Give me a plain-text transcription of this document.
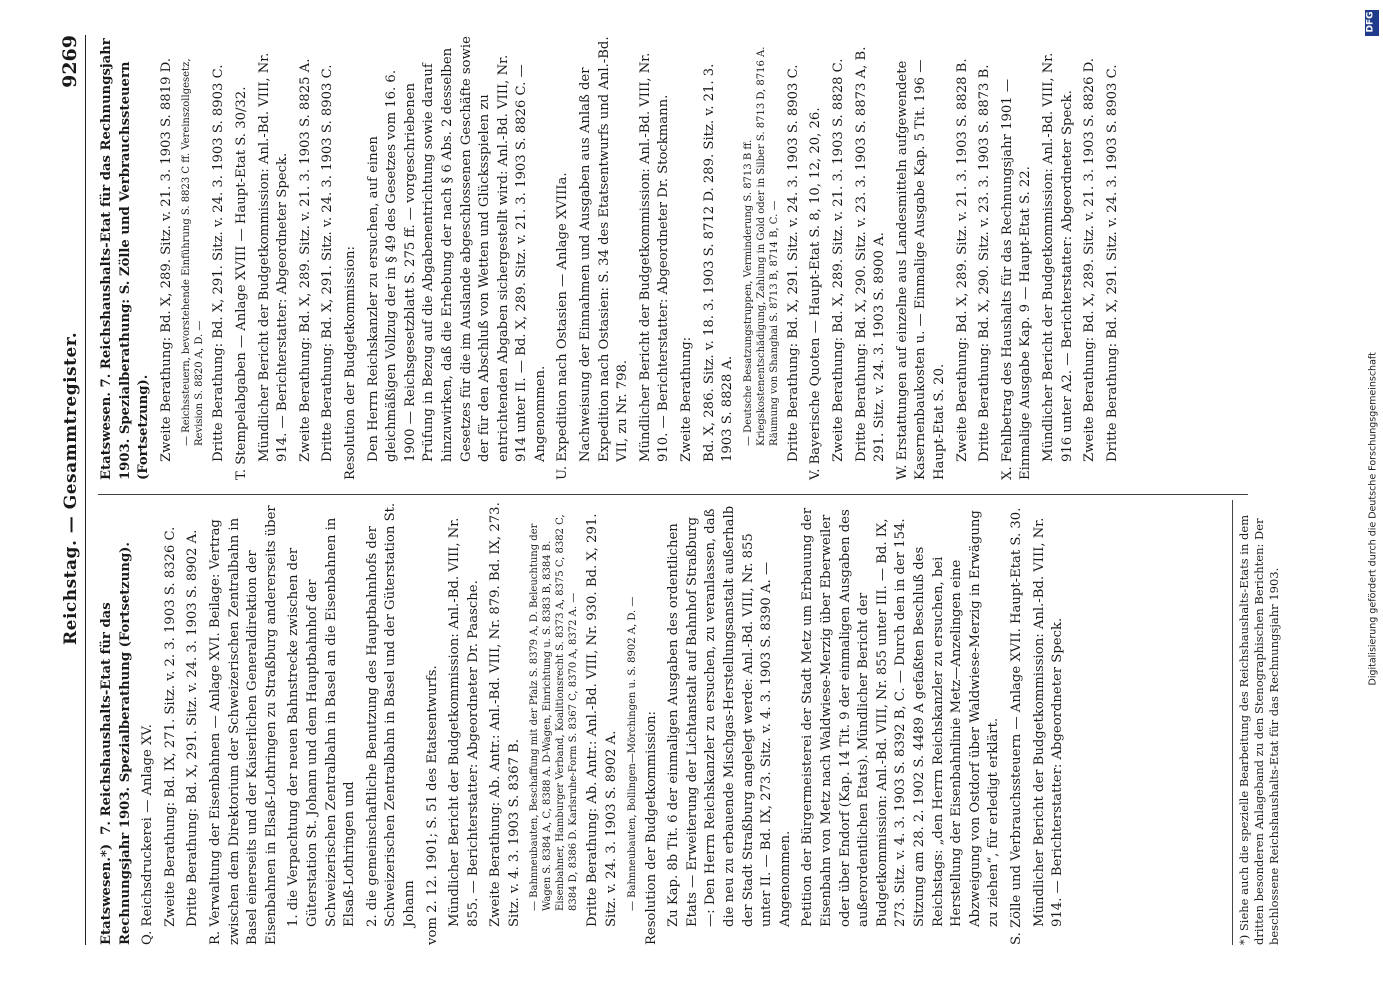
Reichstag. — Gesammtregister.
9269
Etatswesen.*)  7. Reichshaushalts-Etat für das Rechnungsjahr 1903. Spezialberathung (Fortsetzung). Q. Reichsdruckerei — Anlage XV. Zweite Berathung: Bd. IX, 271. Sitz. v. 2. 3. 1903 S. 8326 C. Dritte Berathung: Bd. X, 291. Sitz. v. 24. 3. 1903 S. 8902 A. R. Verwaltung der Eisenbahnen — Anlage XVI. Beilage: Vertrag zwischen dem Direktorium der Schweizerischen Zentralbahn in Basel einerseits und der Kaiserlichen Generaldirektion der Eisenbahnen in Elsaß-Lothringen zu Straßburg andererseits über 1. die Verpachtung der neuen Bahnstrecke zwischen der Güterstation St. Johann und dem Hauptbahnhof der Schweizerischen Zentralbahn in Basel an die Eisenbahnen in Elsaß-Lothringen und 2. die gemeinschaftliche Benutzung des Hauptbahnhofs der Schweizerischen Zentralbahn in Basel und der Güterstation St. Johann vom 2. 12. 1901; S. 51 des Etatsentwurfs. Mündlicher Bericht der Budgetkommission: Anl.-Bd. VIII, Nr. 855. — Berichterstatter: Abgeordneter Dr. Paasche. Zweite Berathung: Ab. Antr.: Anl.-Bd. VIII, Nr. 879. Bd. IX, 273. Sitz. v. 4. 3. 1903 S. 8367 B. — Bahnneubauten, Beschaffung mit der Pfalz S. 8379 A, D. Beleuchtung der Wagen S. 8384 A, C, 8388 A. D-Wagen, Einrichtung u. S. 8383 B, 8384 B. Eisenbahner, Hamburger Verband, Koalitionsrecht S. 8373 A, 8375 C, 8382 C, 8384 D, 8386 D. Karlsruhe-Form S. 8367 C, 8370 A, 8372 A. — Dritte Berathung: Ab. Antr.: Anl.-Bd. VIII, Nr. 930. Bd. X, 291. Sitz. v. 24. 3. 1903 S. 8902 A. — Bahnneubauten, Bollingen—Mörchingen u. S. 8902 A, D. — Resolution der Budgetkommission: Zu Kap. 8b Tit. 6 der einmaligen Ausgaben des ordentlichen Etats — Erweiterung der Lichtanstalt auf Bahnhof Straßburg —: Den Herrn Reichskanzler zu ersuchen, zu veranlassen, daß die neu zu erbauende Mischgas-Herstellungsanstalt außerhalb der Stadt Straßburg angelegt werde: Anl.-Bd. VIII, Nr. 855 unter II. — Bd. IX, 273. Sitz. v. 4. 3. 1903 S. 8390 A. — Angenommen. Petition der Bürgermeisterei der Stadt Metz um Erbauung der Eisenbahn von Metz nach Waldwiese-Merzig über Eberweiler oder über Endorf (Kap. 14 Tit. 9 der einmaligen Ausgaben des außerordentlichen Etats). Mündlicher Bericht der Budgetkommission: Anl.-Bd. VIII, Nr. 855 unter III. — Bd. IX, 273. Sitz. v. 4. 3. 1903 S. 8392 B, C. — Durch den in der 154. Sitzung am 28. 2. 1902 S. 4489 A gefaßten Beschluß des Reichstags: „den Herrn Reichskanzler zu ersuchen, bei Herstellung der Eisenbahnlinie Metz—Anzelingen eine Abzweigung von Ostdorf über Waldwiese-Merzig in Erwägung zu ziehen“, für erledigt erklärt. S. Zölle und Verbrauchssteuern — Anlage XVII. Haupt-Etat S. 30. Mündlicher Bericht der Budgetkommission: Anl.-Bd. VIII, Nr. 914. — Berichterstatter: Abgeordneter Speck.
Etatswesen. 7. Reichshaushalts-Etat für das Rechnungsjahr 1903. Spezialberathung: S. Zölle und Verbrauchssteuern (Fortsetzung). Zweite Berathung: Bd. X, 289. Sitz. v. 21. 3. 1903 S. 8819 D. — Reichssteuern, bevorstehende Einführung S. 8823 C ff. Vereinszollgesetz, Revision S. 8820 A, D. — Dritte Berathung: Bd. X, 291. Sitz. v. 24. 3. 1903 S. 8903 C. T. Stempelabgaben — Anlage XVIII — Haupt-Etat S. 30/32. Mündlicher Bericht der Budgetkommission: Anl.-Bd. VIII, Nr. 914. — Berichterstatter: Abgeordneter Speck. Zweite Berathung: Bd. X, 289. Sitz. v. 21. 3. 1903 S. 8825 A. Dritte Berathung: Bd. X, 291. Sitz. v. 24. 3. 1903 S. 8903 C. Resolution der Budgetkommission: Den Herrn Reichskanzler zu ersuchen, auf einen gleichmäßigen Vollzug der in § 49 des Gesetzes vom 16. 6. 1900 — Reichsgesetzblatt S. 275 ff. — vorgeschriebenen Prüfung in Bezug auf die Abgabenentrichtung sowie darauf hinzuwirken, daß die Erhebung der nach § 6 Abs. 2 desselben Gesetzes für die im Auslande abgeschlossenen Geschäfte sowie der für den Abschluß von Wetten und Glücksspielen zu entrichtenden Abgaben sichergestellt wird: Anl.-Bd. VIII, Nr. 914 unter II. — Bd. X, 289. Sitz. v. 21. 3. 1903 S. 8826 C. — Angenommen. U. Expedition nach Ostasien — Anlage XVIIIa. Nachweisung der Einnahmen und Ausgaben aus Anlaß der Expedition nach Ostasien: S. 34 des Etatsentwurfs und Anl.-Bd. VII, zu Nr. 798. Mündlicher Bericht der Budgetkommission: Anl.-Bd. VIII, Nr. 910. — Berichterstatter: Abgeordneter Dr. Stockmann. Zweite Berathung: Bd. X, 286. Sitz. v. 18. 3. 1903 S. 8712 D. 289. Sitz. v. 21. 3. 1903 S. 8828 A. — Deutsche Besatzungstruppen, Verminderung S. 8713 B ff. Kriegskostenentschädigung, Zahlung in Gold oder in Silber S. 8713 D, 8716 A. Räumung von Shanghai S. 8713 B, 8714 B, C. — Dritte Berathung: Bd. X, 291. Sitz. v. 24. 3. 1903 S. 8903 C. V. Bayerische Quoten — Haupt-Etat S. 8, 10, 12, 20, 26. Zweite Berathung: Bd. X, 289. Sitz. v. 21. 3. 1903 S. 8828 C. Dritte Berathung: Bd. X, 290. Sitz. v. 23. 3. 1903 S. 8873 A, B. 291. Sitz. v. 24. 3. 1903 S. 8900 A. W. Erstattungen auf einzelne aus Landesmitteln aufgewendete Kasernenbaukosten u. — Einmalige Ausgabe Kap. 5 Tit. 196 — Haupt-Etat S. 20. Zweite Berathung: Bd. X, 289. Sitz. v. 21. 3. 1903 S. 8828 B. Dritte Berathung: Bd. X, 290. Sitz. v. 23. 3. 1903 S. 8873 B. X. Fehlbetrag des Haushalts für das Rechnungsjahr 1901 — Einmalige Ausgabe Kap. 9 — Haupt-Etat S. 22. Mündlicher Bericht der Budgetkommission: Anl.-Bd. VIII, Nr. 916 unter A2. — Berichterstatter: Abgeordneter Speck. Zweite Berathung: Bd. X, 289. Sitz. v. 21. 3. 1903 S. 8826 D. Dritte Berathung: Bd. X, 291. Sitz. v. 24. 3. 1903 S. 8903 C.
*) Siehe auch die spezielle Bearbeitung des Reichshaushalts-Etats in dem dritten besonderen Anlageband zu den Stenographischen Berichten: Der beschlossene Reichshaushalts-Etat für das Rechnungsjahr 1903.
DFG
Digitalisierung gefördert durch die Deutsche Forschungsgemeinschaft
